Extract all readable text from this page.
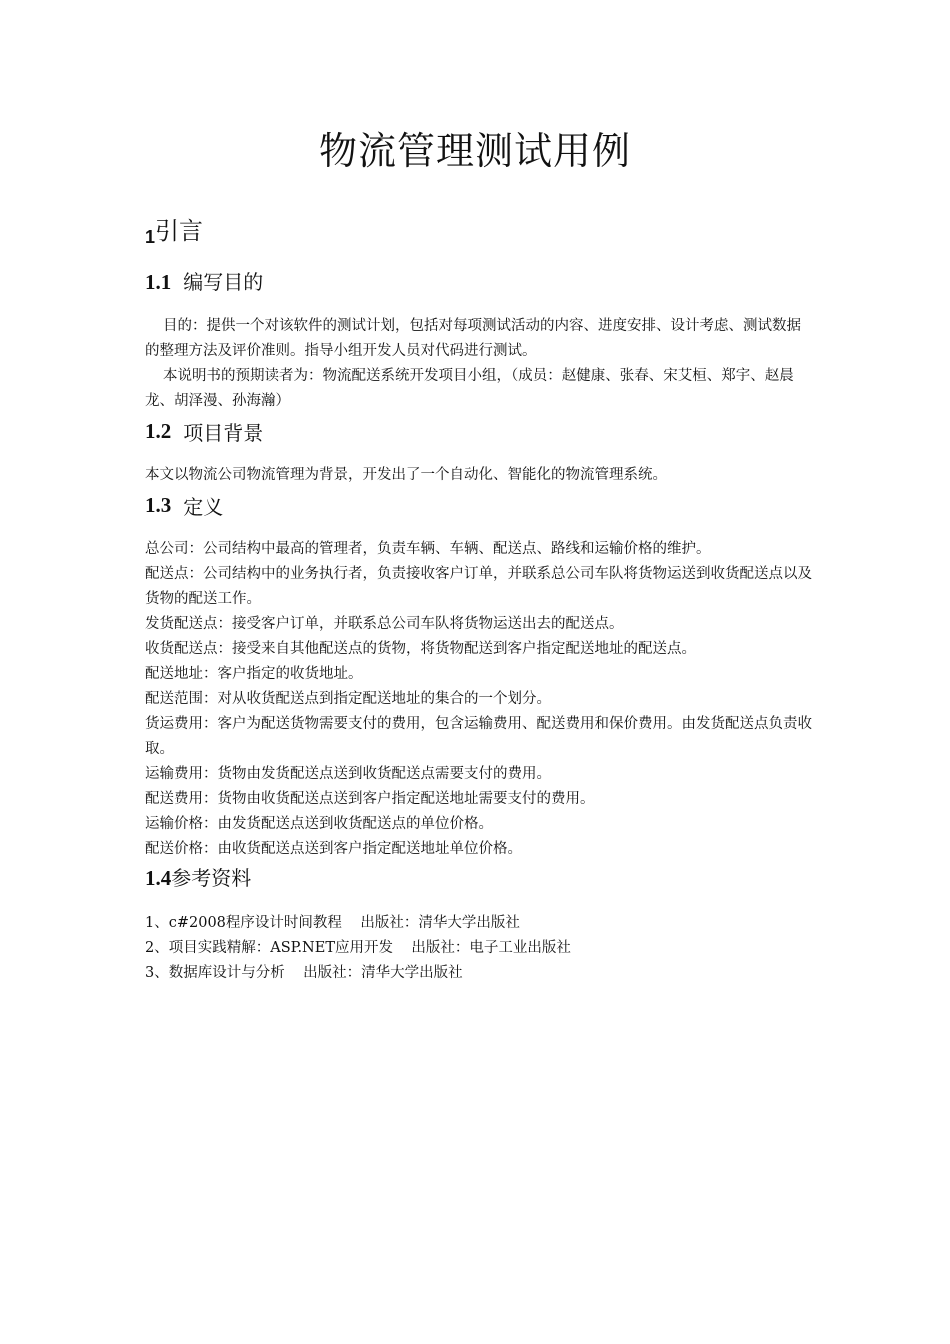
物流管理测试用例
1引言
1.1 编写目的

目的：提供一个对该软件的测试计划，包括对每项测试活动的内容、进度安排、设计考虑、测试数据的整理方法及评价准则。指导小组开发人员对代码进行测试。

本说明书的预期读者为：物流配送系统开发项目小组，（成员：赵健康、张春、宋艾桓、郑宇、赵晨龙、胡泽漫、孙海瀚）

1.2 项目背景

本文以物流公司物流管理为背景，开发出了一个自动化、智能化的物流管理系统。

1.3 定义
总公司：公司结构中最高的管理者，负责车辆、车辆、配送点、路线和运输价格的维护。
配送点：公司结构中的业务执行者，负责接收客户订单，并联系总公司车队将货物运送到收货配送点以及货物的配送工作。
发货配送点：接受客户订单，并联系总公司车队将货物运送出去的配送点。
收货配送点：接受来自其他配送点的货物，将货物配送到客户指定配送地址的配送点。
配送地址：客户指定的收货地址。
配送范围：对从收货配送点到指定配送地址的集合的一个划分。
货运费用：客户为配送货物需要支付的费用，包含运输费用、配送费用和保价费用。由发货配送点负责收取。
运输费用：货物由发货配送点送到收货配送点需要支付的费用。
配送费用：货物由收货配送点送到客户指定配送地址需要支付的费用。
运输价格：由发货配送点送到收货配送点的单位价格。
配送价格：由收货配送点送到客户指定配送地址单位价格。
1.4参考资料
1、c#2008程序设计时间教程    出版社：清华大学出版社
2、项目实践精解：ASP.NET应用开发    出版社：电子工业出版社
3、数据库设计与分析    出版社：清华大学出版社
